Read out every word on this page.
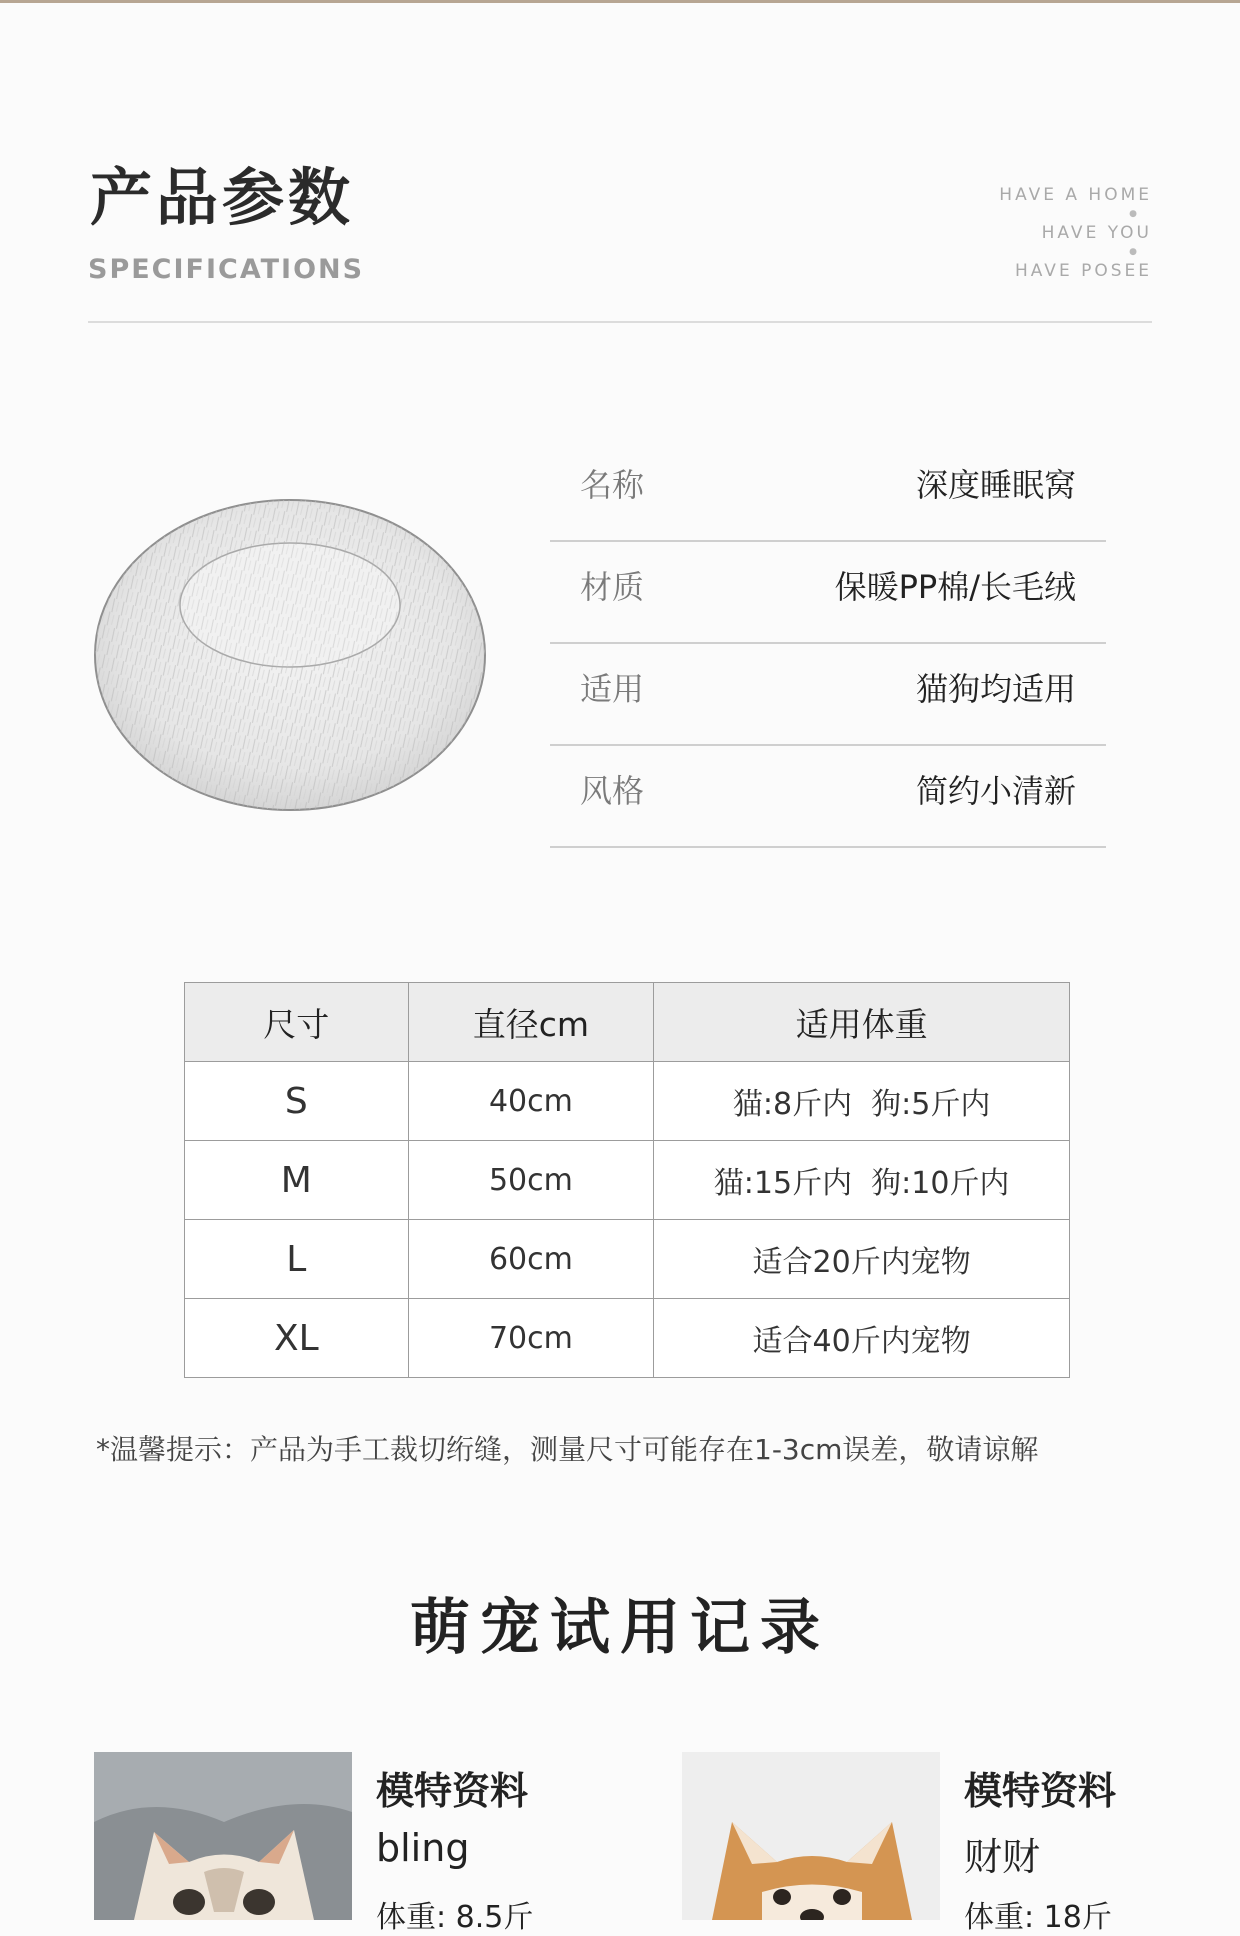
产品参数
SPECIFICATIONS
HAVE A HOME
●
HAVE YOU
●
HAVE POSEE
名称	深度睡眠窝
材质	保暖PP棉/长毛绒
适用	猫狗均适用
风格	简约小清新
尺寸	直径cm	适用体重
S	40cm	猫:8斤内  狗:5斤内
M	50cm	猫:15斤内  狗:10斤内
L	60cm	适合20斤内宠物
XL	70cm	适合40斤内宠物
*温馨提示：产品为手工裁切绗缝，测量尺寸可能存在1-3cm误差，敬请谅解
萌宠试用记录
模特资料
bling
体重: 8.5斤
模特资料
财财
体重: 18斤
